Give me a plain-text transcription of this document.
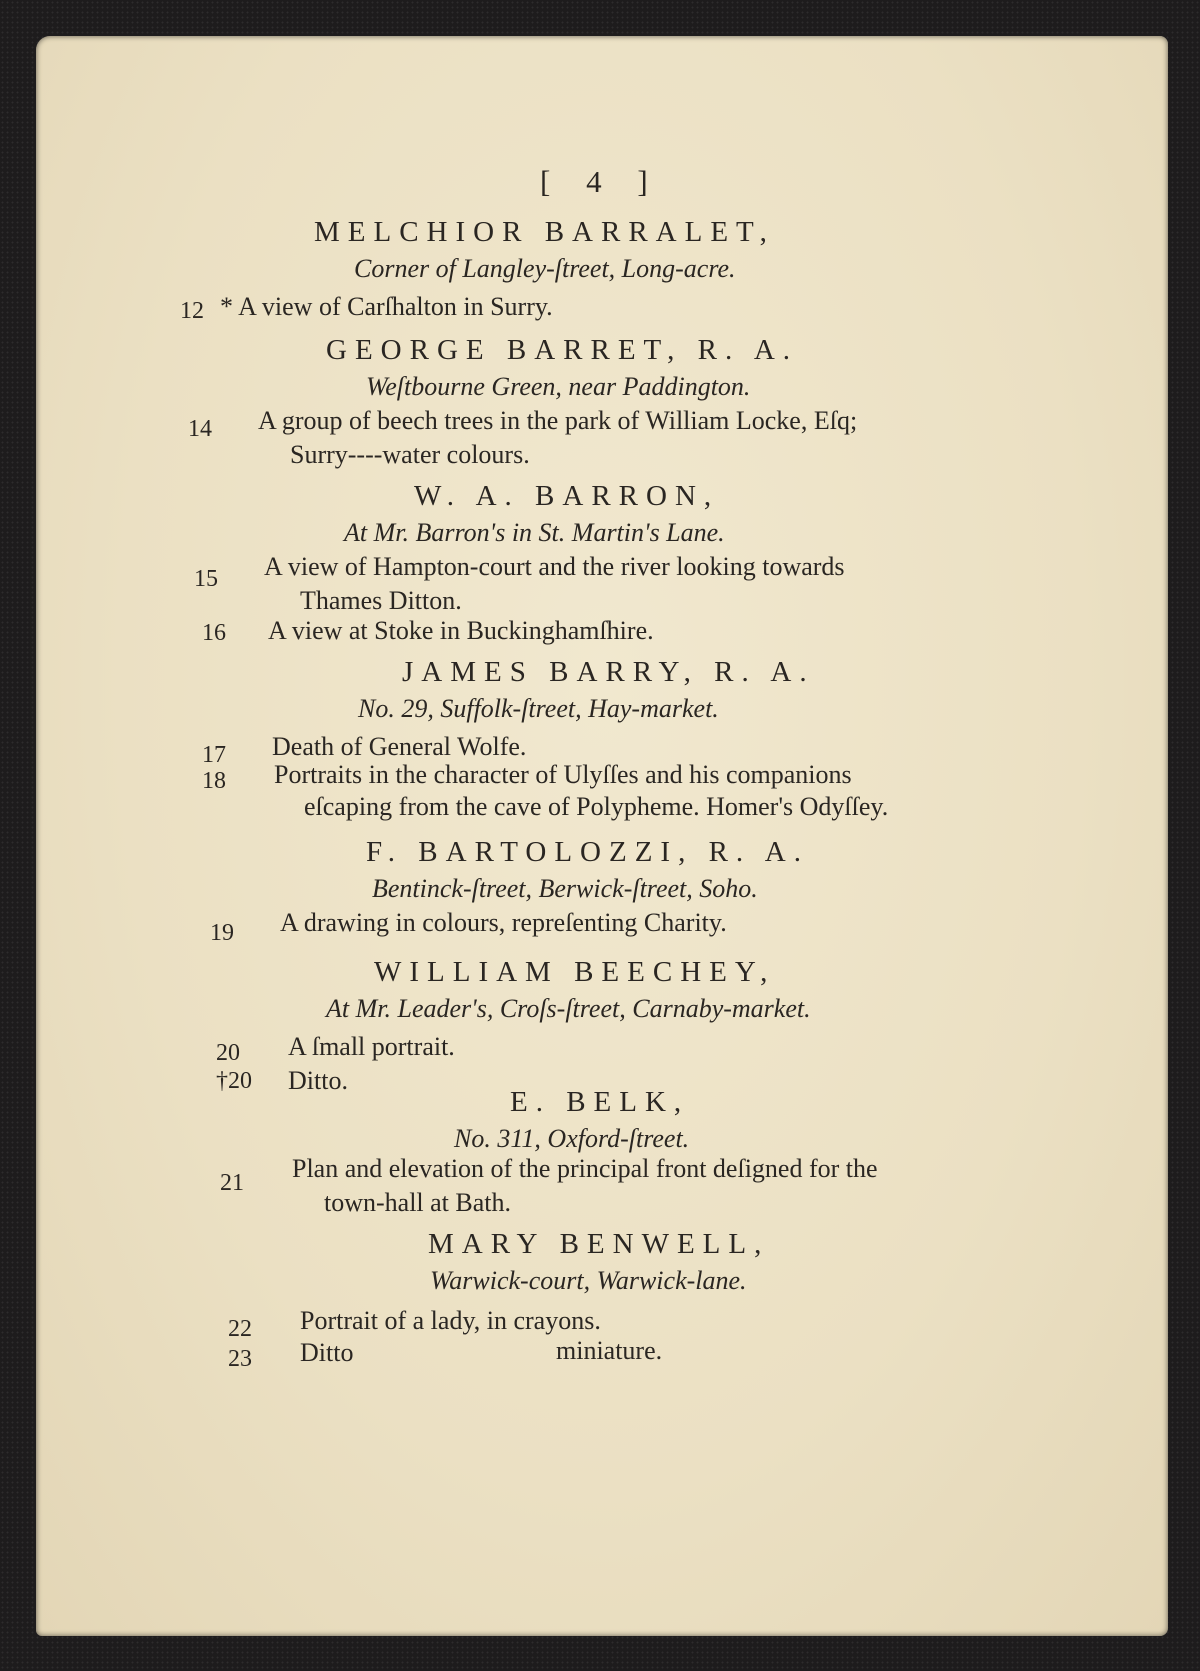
[ 4 ]
MELCHIOR BARRALET,
Corner of Langley-ſtreet, Long-acre.
12 * A view of Carſhalton in Surry.
GEORGE BARRET, R. A.
Weſtbourne Green, near Paddington.
14 A group of beech trees in the park of William Locke, Eſq;
Surry----water colours.
W. A. BARRON,
At Mr. Barron's in St. Martin's Lane.
15 A view of Hampton-court and the river looking towards
Thames Ditton.
16 A view at Stoke in Buckinghamſhire.
JAMES BARRY, R. A.
No. 29, Suffolk-ſtreet, Hay-market.
17 Death of General Wolfe.
18 Portraits in the character of Ulyſſes and his companions
eſcaping from the cave of Polypheme. Homer's Odyſſey.
F. BARTOLOZZI, R. A.
Bentinck-ſtreet, Berwick-ſtreet, Soho.
19 A drawing in colours, repreſenting Charity.
WILLIAM BEECHEY,
At Mr. Leader's, Croſs-ſtreet, Carnaby-market.
20 A ſmall portrait.
†20 Ditto.
E. BELK,
No. 311, Oxford-ſtreet.
21 Plan and elevation of the principal front deſigned for the
town-hall at Bath.
MARY BENWELL,
Warwick-court, Warwick-lane.
22 Portrait of a lady, in crayons.
23 Ditto	miniature.
